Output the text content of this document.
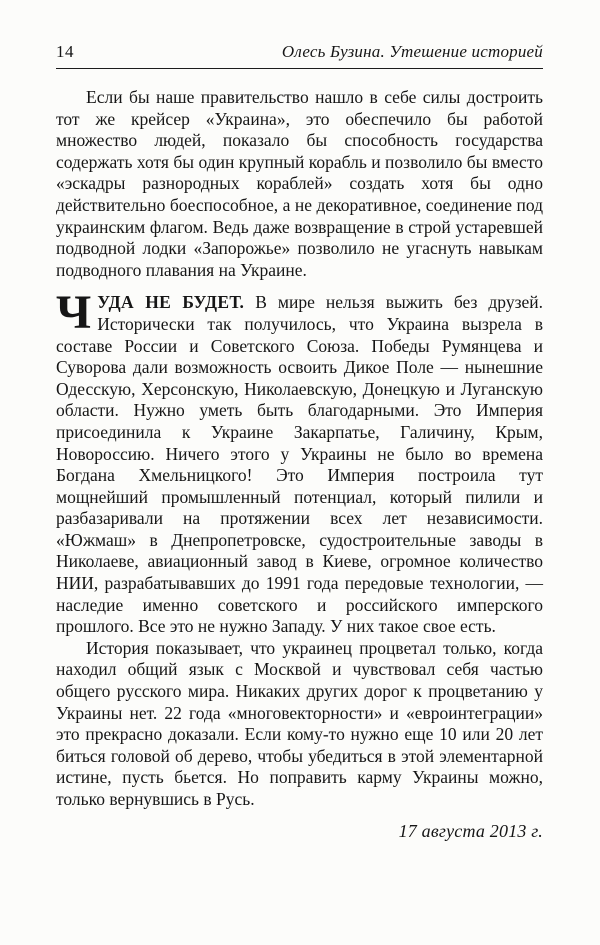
14	Олесь Бузина. Утешение историей

Если бы наше правительство нашло в себе силы достроить тот же крейсер «Украина», это обеспечило бы работой множество людей, показало бы способность государства содержать хотя бы один крупный корабль и позволило бы вместо «эскадры разнородных кораблей» создать хотя бы одно действительно боеспособное, а не декоративное, соединение под украинским флагом. Ведь даже возвращение в строй устаревшей подводной лодки «Запорожье» позволило не угаснуть навыкам подводного плавания на Украине.

ЧУДА НЕ БУДЕТ. В мире нельзя выжить без друзей. Исторически так получилось, что Украина вызрела в составе России и Советского Союза. Победы Румянцева и Суворова дали возможность освоить Дикое Поле — нынешние Одесскую, Херсонскую, Николаевскую, Донецкую и Луганскую области. Нужно уметь быть благодарными. Это Империя присоединила к Украине Закарпатье, Галичину, Крым, Новороссию. Ничего этого у Украины не было во времена Богдана Хмельницкого! Это Империя построила тут мощнейший промышленный потенциал, который пилили и разбазаривали на протяжении всех лет независимости. «Южмаш» в Днепропетровске, судостроительные заводы в Николаеве, авиационный завод в Киеве, огромное количество НИИ, разрабатывавших до 1991 года передовые технологии, — наследие именно советского и российского имперского прошлого. Все это не нужно Западу. У них такое свое есть.

История показывает, что украинец процветал только, когда находил общий язык с Москвой и чувствовал себя частью общего русского мира. Никаких других дорог к процветанию у Украины нет. 22 года «многовекторности» и «евроинтеграции» это прекрасно доказали. Если кому-то нужно еще 10 или 20 лет биться головой об дерево, чтобы убедиться в этой элементарной истине, пусть бьется. Но поправить карму Украины можно, только вернувшись в Русь.

17 августа 2013 г.
